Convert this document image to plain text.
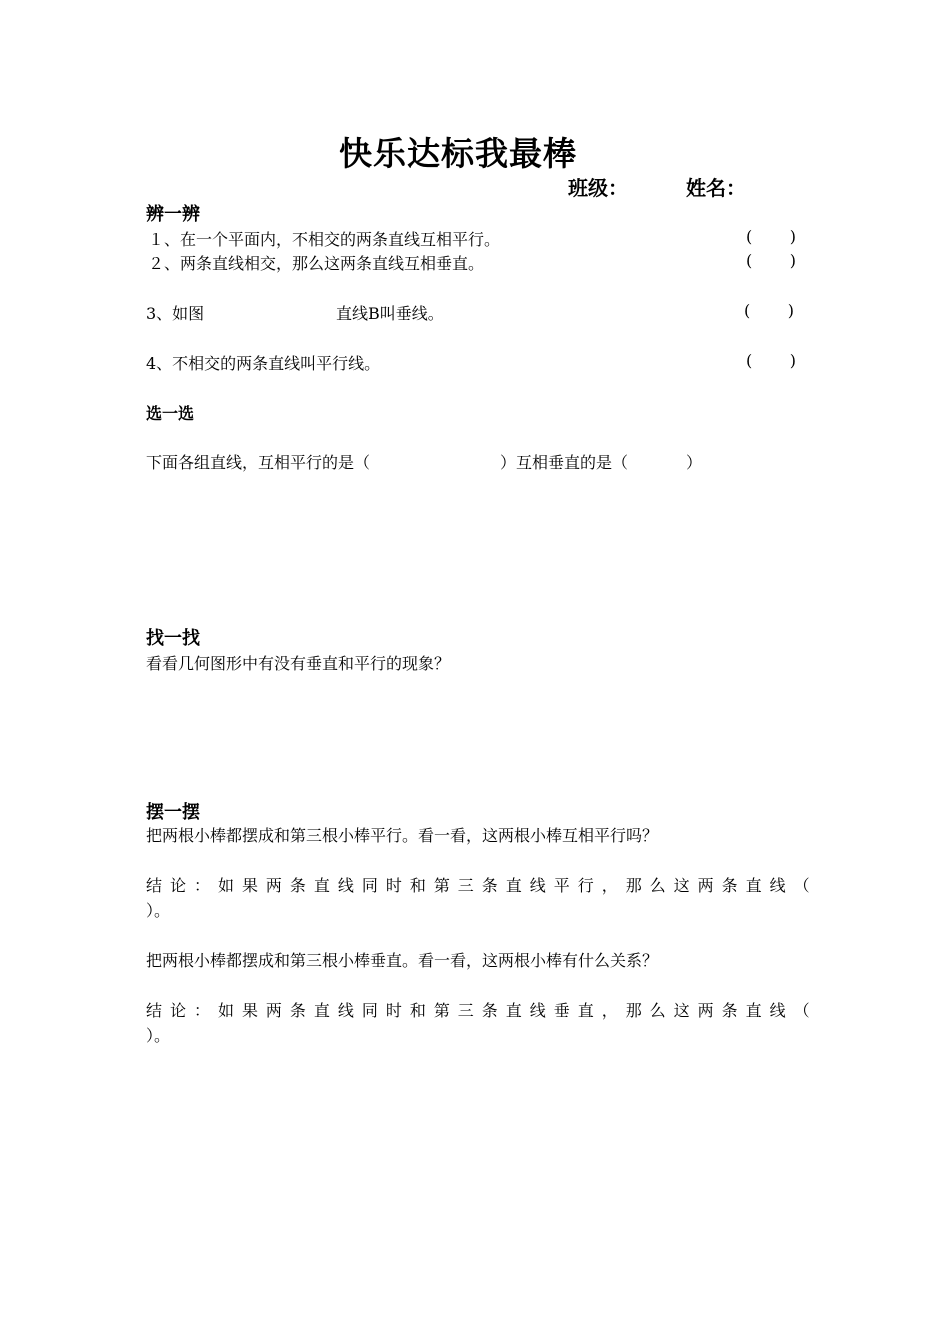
快乐达标我最棒
班级：	姓名：
辨一辨
１、在一个平面内，不相交的两条直线互相平行。	( )
２、两条直线相交，那么这两条直线互相垂直。	( )
3、如图	直线B叫垂线。	( )
4、不相交的两条直线叫平行线。	( )
选一选
下面各组直线，互相平行的是（	）互相垂直的是（	）
找一找
看看几何图形中有没有垂直和平行的现象？
摆一摆
把两根小棒都摆成和第三根小棒平行。看一看，这两根小棒互相平行吗？
结 论 ： 如 果 两 条 直 线 同 时 和 第 三 条 直 线 平 行 ， 那 么 这 两 条 直 线 （
）。
把两根小棒都摆成和第三根小棒垂直。看一看，这两根小棒有什么关系？
结 论 ： 如 果 两 条 直 线 同 时 和 第 三 条 直 线 垂 直 ， 那 么 这 两 条 直 线 （
）。
